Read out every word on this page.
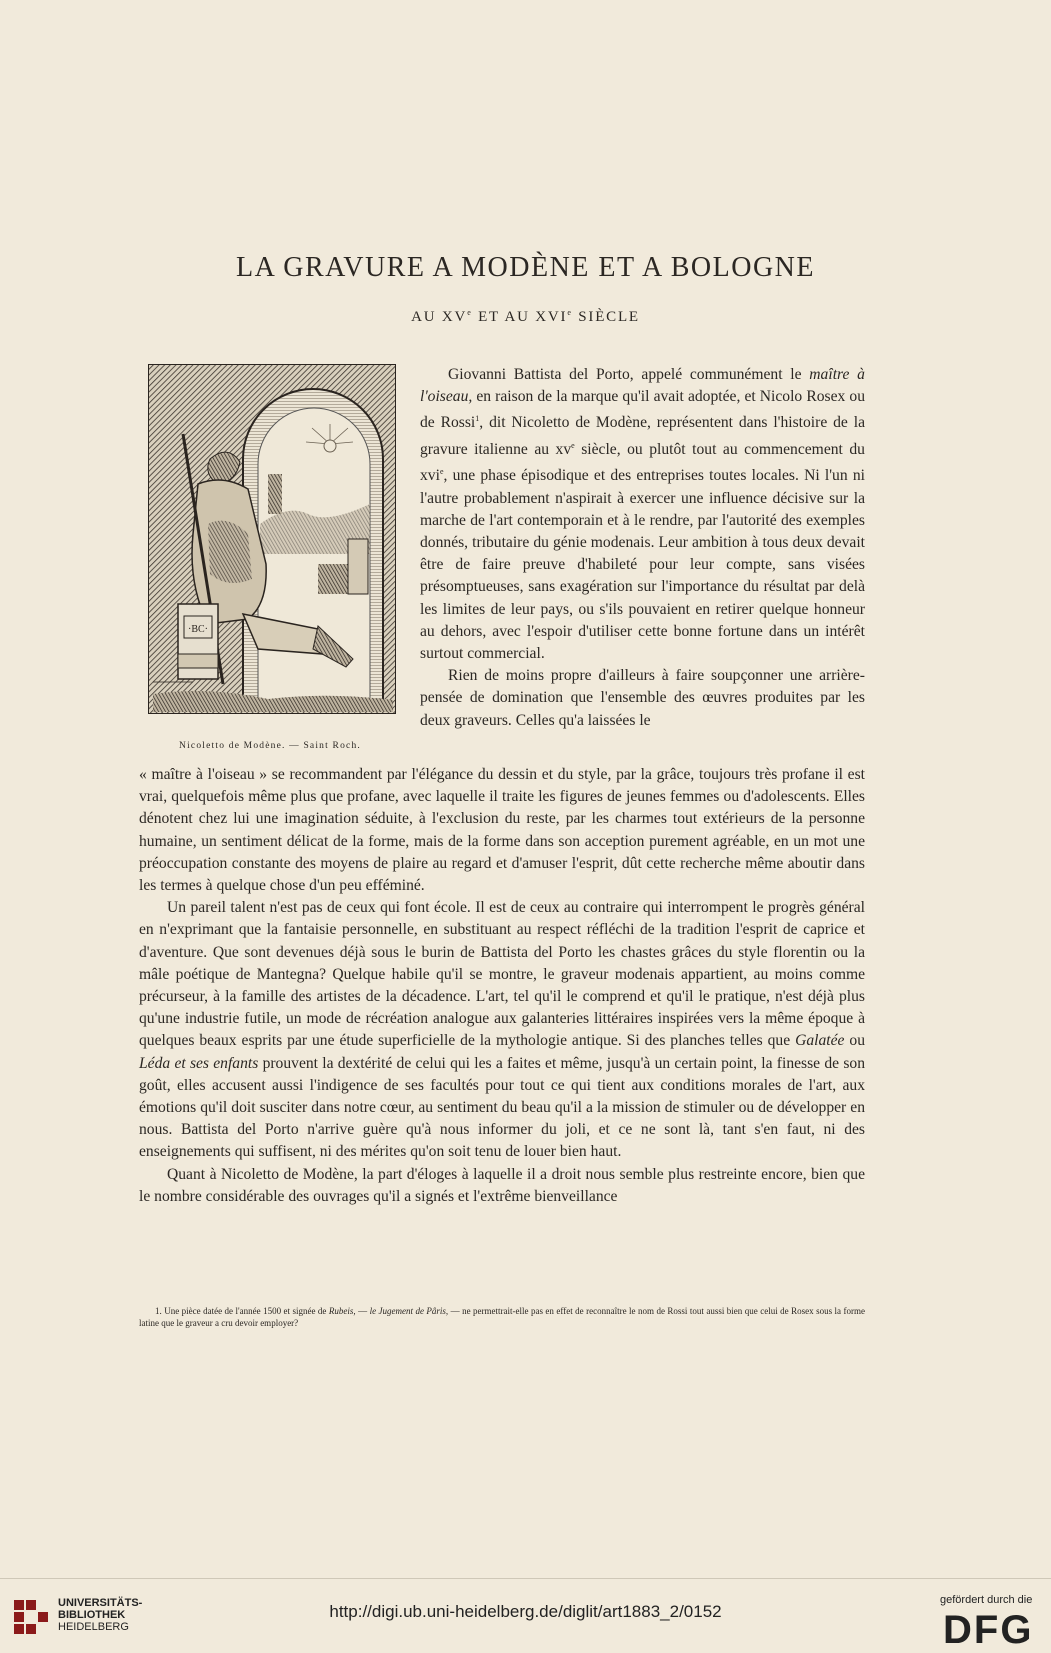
LA GRAVURE A MODÈNE ET A BOLOGNE
AU XVe ET AU XVIe SIÈCLE
·BC·
Nicoletto de Modène. — Saint Roch.

Giovanni Battista del Porto, appelé communément le maître à l'oiseau, en raison de la marque qu'il avait adoptée, et Nicolo Rosex ou de Rossi$^1$, dit Nicoletto de Modène, représentent dans l'histoire de la gravure italienne au $xv^e$ siècle, ou plutôt tout au commencement du xvi$^e$, une phase épisodique et des entreprises toutes locales. Ni l'un ni l'autre probablement n'aspirait à exercer une influence décisive sur la marche de l'art contemporain et à le rendre, par l'autorité des exemples donnés, tributaire du génie modenais. Leur ambition à tous deux devait être de faire preuve d'habileté pour leur compte, sans visées présomptueuses, sans exagération sur l'importance du résultat par delà les limites de leur pays, ou s'ils pouvaient en retirer quelque honneur au dehors, avec l'espoir d'utiliser cette bonne fortune dans un intérêt surtout commercial.

Rien de moins propre d'ailleurs à faire soupçonner une arrière-pensée de domination que l'ensemble des œuvres produites par les deux graveurs. Celles qu'a laissées le

« maître à l'oiseau » se recommandent par l'élégance du dessin et du style, par la grâce, toujours très profane il est vrai, quelquefois même plus que profane, avec laquelle il traite les figures de jeunes femmes ou d'adolescents. Elles dénotent chez lui une imagination séduite, à l'exclusion du reste, par les charmes tout extérieurs de la personne humaine, un sentiment délicat de la forme, mais de la forme dans son acception purement agréable, en un mot une préoccupation constante des moyens de plaire au regard et d'amuser l'esprit, dût cette recherche même aboutir dans les termes à quelque chose d'un peu efféminé.

Un pareil talent n'est pas de ceux qui font école. Il est de ceux au contraire qui interrompent le progrès général en n'exprimant que la fantaisie personnelle, en substituant au respect réfléchi de la tradition l'esprit de caprice et d'aventure. Que sont devenues déjà sous le burin de Battista del Porto les chastes grâces du style florentin ou la mâle poétique de Mantegna? Quelque habile qu'il se montre, le graveur modenais appartient, au moins comme précurseur, à la famille des artistes de la décadence. L'art, tel qu'il le comprend et qu'il le pratique, n'est déjà plus qu'une industrie futile, un mode de récréation analogue aux galanteries littéraires inspirées vers la même époque à quelques beaux esprits par une étude superficielle de la mythologie antique. Si des planches telles que Galatée ou Léda et ses enfants prouvent la dextérité de celui qui les a faites et même, jusqu'à un certain point, la finesse de son goût, elles accusent aussi l'indigence de ses facultés pour tout ce qui tient aux conditions morales de l'art, aux émotions qu'il doit susciter dans notre cœur, au sentiment du beau qu'il a la mission de stimuler ou de développer en nous. Battista del Porto n'arrive guère qu'à nous informer du joli, et ce ne sont là, tant s'en faut, ni des enseignements qui suffisent, ni des mérites qu'on soit tenu de louer bien haut.

Quant à Nicoletto de Modène, la part d'éloges à laquelle il a droit nous semble plus restreinte encore, bien que le nombre considérable des ouvrages qu'il a signés et l'extrême bienveillance

1. Une pièce datée de l'année 1500 et signée de Rubeis, — le Jugement de Pâris, — ne permettrait-elle pas en effet de reconnaître le nom de Rossi tout aussi bien que celui de Rosex sous la forme latine que le graveur a cru devoir employer?
UNIVERSITÄTS-
BIBLIOTHEK
HEIDELBERG
http://digi.ub.uni-heidelberg.de/diglit/art1883_2/0152
gefördert durch die
DFG
